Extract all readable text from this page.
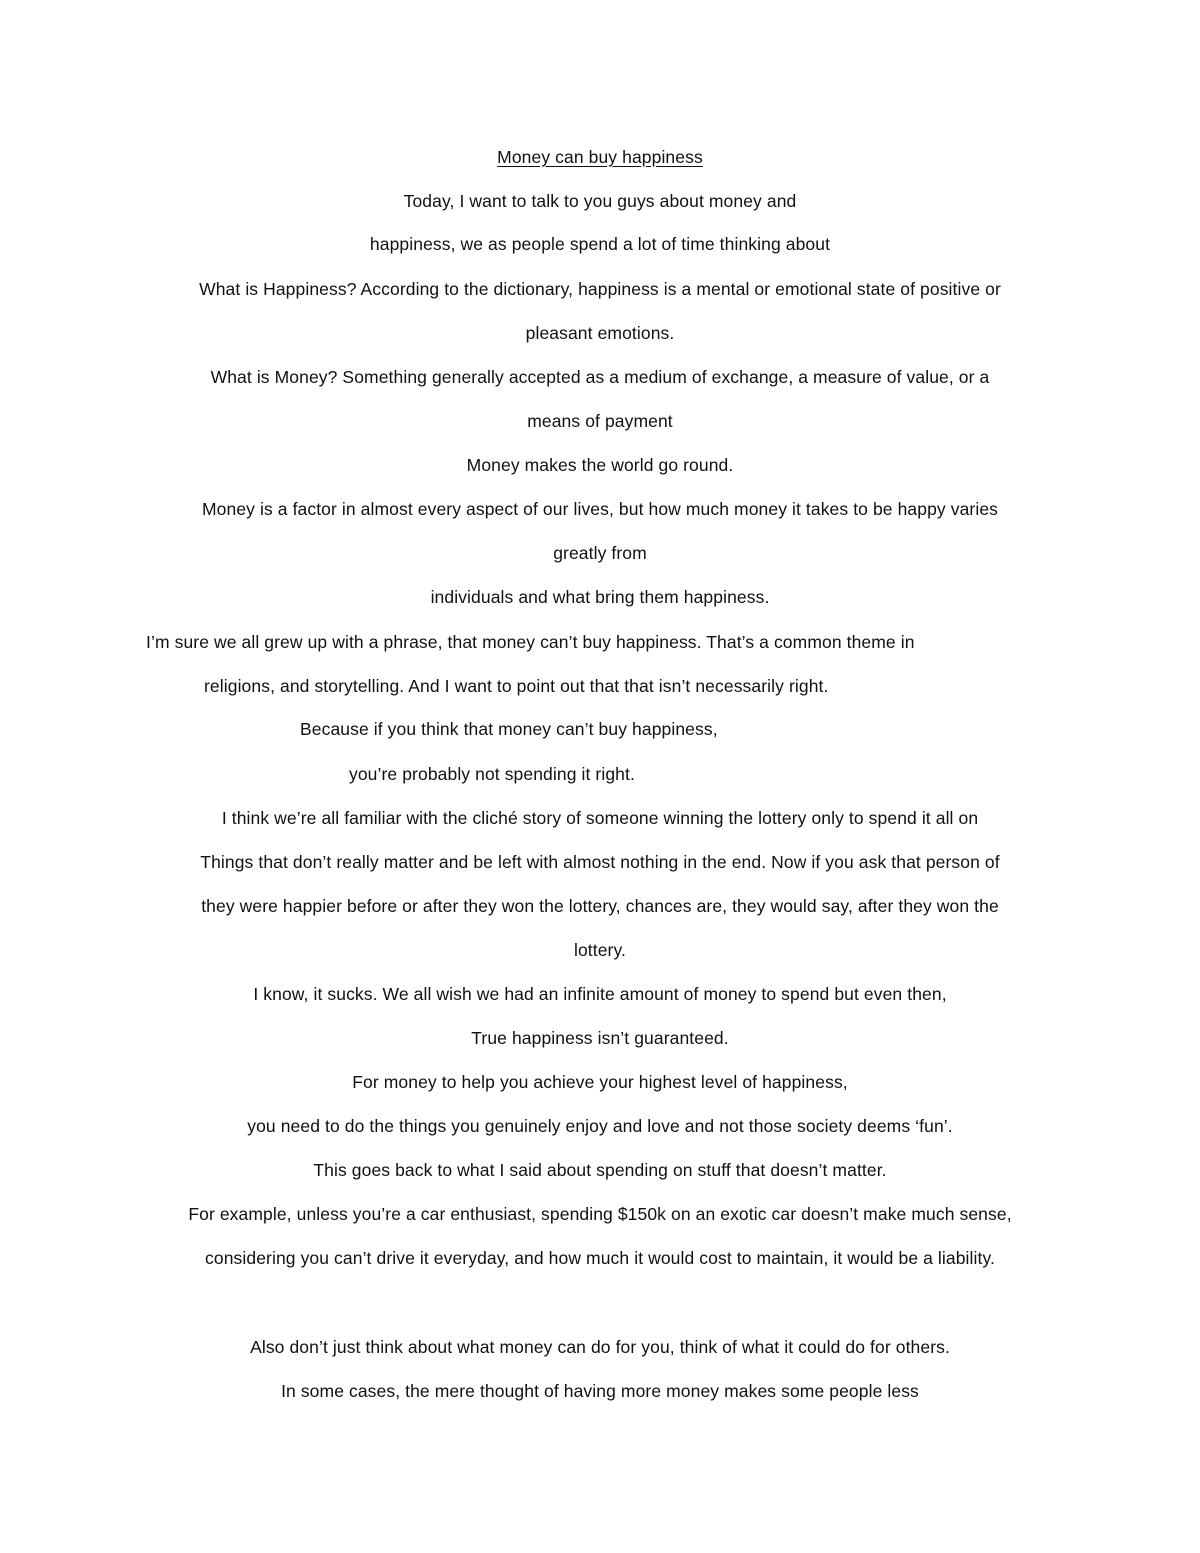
Money can buy happiness
Today, I want to talk to you guys about money and
happiness, we as people spend a lot of time thinking about
What is Happiness? According to the dictionary, happiness is a mental or emotional state of positive or
pleasant emotions.
What is Money? Something generally accepted as a medium of exchange, a measure of value, or a
means of payment
Money makes the world go round.
Money is a factor in almost every aspect of our lives, but how much money it takes to be happy varies
greatly from
individuals and what bring them happiness.
I’m sure we all grew up with a phrase, that money can’t buy happiness. That’s a common theme in
religions, and storytelling. And I want to point out that that isn’t necessarily right.
Because if you think that money can’t buy happiness,
you’re probably not spending it right.
I think we’re all familiar with the cliché story of someone winning the lottery only to spend it all on
Things that don’t really matter and be left with almost nothing in the end. Now if you ask that person of
they were happier before or after they won the lottery, chances are, they would say, after they won the
lottery.
I know, it sucks. We all wish we had an infinite amount of money to spend but even then,
True happiness isn’t guaranteed.
For money to help you achieve your highest level of happiness,
you need to do the things you genuinely enjoy and love and not those society deems ‘fun’.
This goes back to what I said about spending on stuff that doesn’t matter.
For example, unless you’re a car enthusiast, spending $150k on an exotic car doesn’t make much sense,
considering you can’t drive it everyday, and how much it would cost to maintain, it would be a liability.
Also don’t just think about what money can do for you, think of what it could do for others.
In some cases, the mere thought of having more money makes some people less
